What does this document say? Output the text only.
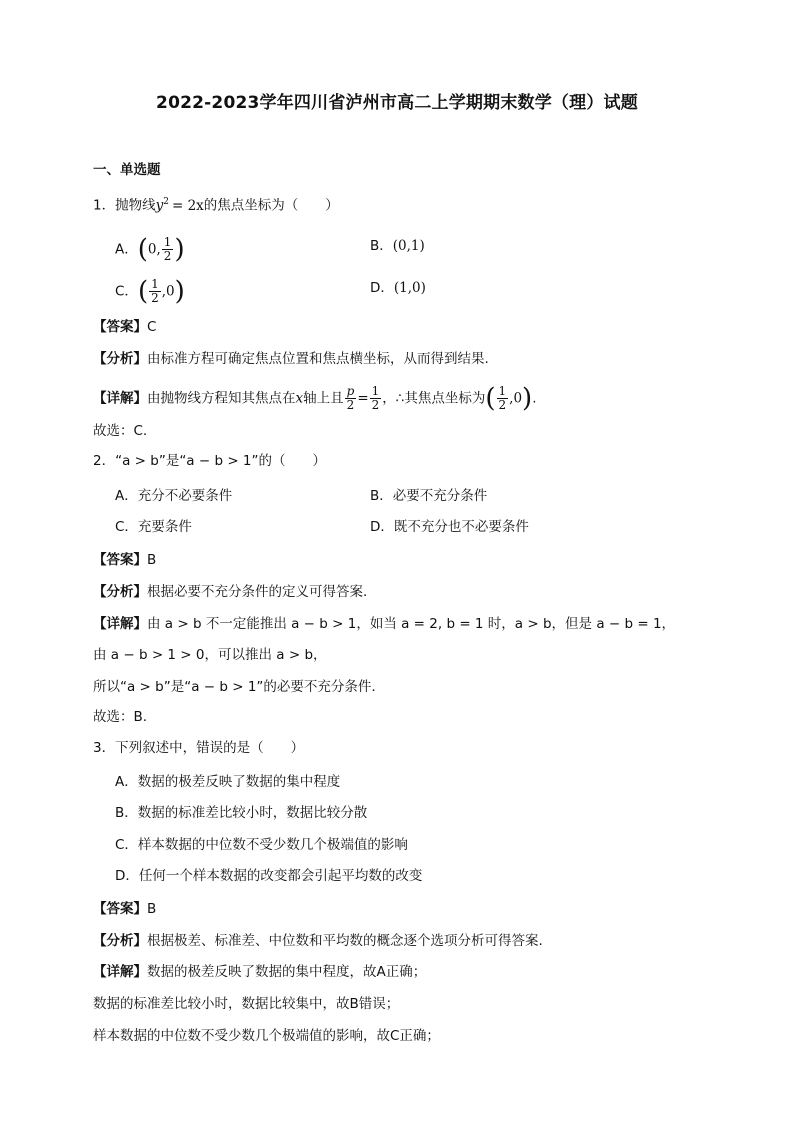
2022-2023学年四川省泸州市高二上学期期末数学（理）试题
一、单选题
1．抛物线$y^2 = 2x$的焦点坐标为（　　）
A．(0, $\frac{1}{2}$ )	B．(0,1)
C．( $\frac{1}{2} ,0$)	D．(1,0)
【答案】C
【分析】由标准方程可确定焦点位置和焦点横坐标，从而得到结果.
【详解】由抛物线方程知其焦点在x轴上且 $\frac{p}{2} = \frac{1}{2}$ ，∴其焦点坐标为( $\frac{1}{2} ,0$).
故选：C.
2．“a > b”是“a − b > 1”的（　　）
A．充分不必要条件	B．必要不充分条件
C．充要条件	D．既不充分也不必要条件
【答案】B
【分析】根据必要不充分条件的定义可得答案.
【详解】由 a > b 不一定能推出 a − b > 1，如当 a = 2, b = 1 时，a > b，但是 a − b = 1，
由 a − b > 1 > 0，可以推出 a > b，
所以“a > b”是“a − b > 1”的必要不充分条件.
故选：B.
3．下列叙述中，错误的是（　　）
A．数据的极差反映了数据的集中程度
B．数据的标准差比较小时，数据比较分散
C．样本数据的中位数不受少数几个极端值的影响
D．任何一个样本数据的改变都会引起平均数的改变
【答案】B
【分析】根据极差、标准差、中位数和平均数的概念逐个选项分析可得答案.
【详解】数据的极差反映了数据的集中程度，故A正确；
数据的标准差比较小时，数据比较集中，故B错误；
样本数据的中位数不受少数几个极端值的影响，故C正确；
